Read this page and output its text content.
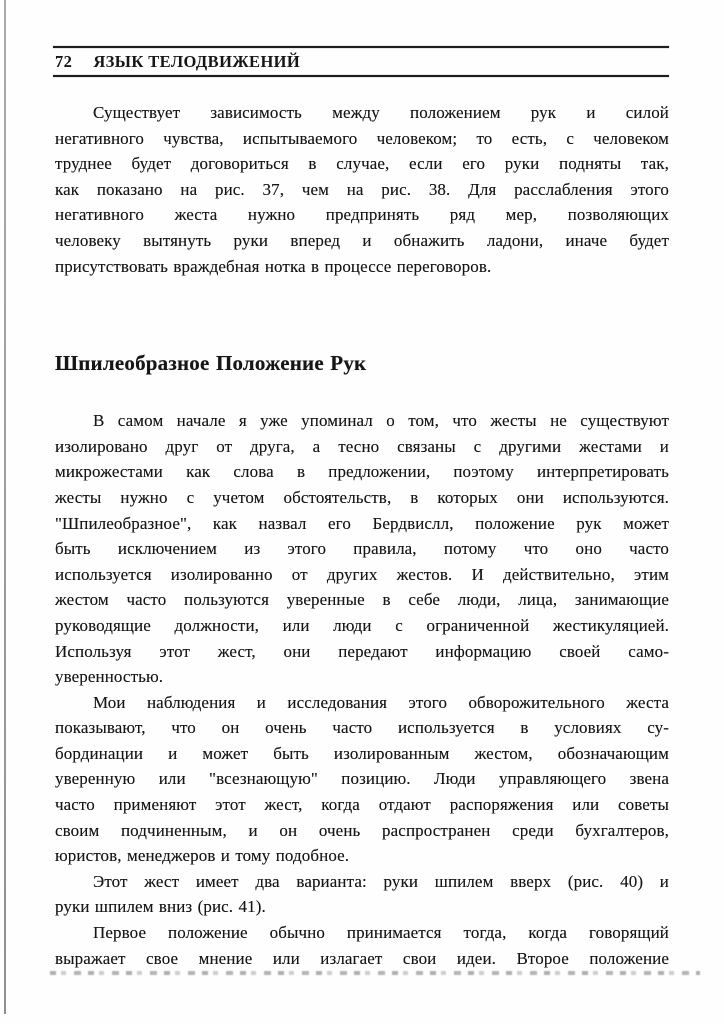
72 ЯЗЫК ТЕЛОДВИЖЕНИЙ
Существует зависимость между положением рук и силой
негативного чувства, испытываемого человеком; то есть, с человеком
труднее будет договориться в случае, если его руки подняты так,
как показано на рис. 37, чем на рис. 38. Для расслабления этого
негативного жеста нужно предпринять ряд мер, позволяющих
человеку вытянуть руки вперед и обнажить ладони, иначе будет
присутствовать враждебная нотка в процессе переговоров.
Шпилеобразное Положение Рук
В самом начале я уже упоминал о том, что жесты не существуют
изолировано друг от друга, а тесно связаны с другими жестами и
микрожестами как слова в предложении, поэтому интерпретировать
жесты нужно с учетом обстоятельств, в которых они используются.
"Шпилеобразное", как назвал его Бердвислл, положение рук может
быть исключением из этого правила, потому что оно часто
используется изолированно от других жестов. И действительно, этим
жестом часто пользуются уверенные в себе люди, лица, занимающие
руководящие должности, или люди с ограниченной жестикуляцией.
Используя этот жест, они передают информацию своей само-
уверенностью.
Мои наблюдения и исследования этого обворожительного жеста
показывают, что он очень часто используется в условиях су-
бординации и может быть изолированным жестом, обозначающим
уверенную или "всезнающую" позицию. Люди управляющего звена
часто применяют этот жест, когда отдают распоряжения или советы
своим подчиненным, и он очень распространен среди бухгалтеров,
юристов, менеджеров и тому подобное.
Этот жест имеет два варианта: руки шпилем вверх (рис. 40) и
руки шпилем вниз (рис. 41).
Первое положение обычно принимается тогда, когда говорящий
выражает свое мнение или излагает свои идеи. Второе положение
